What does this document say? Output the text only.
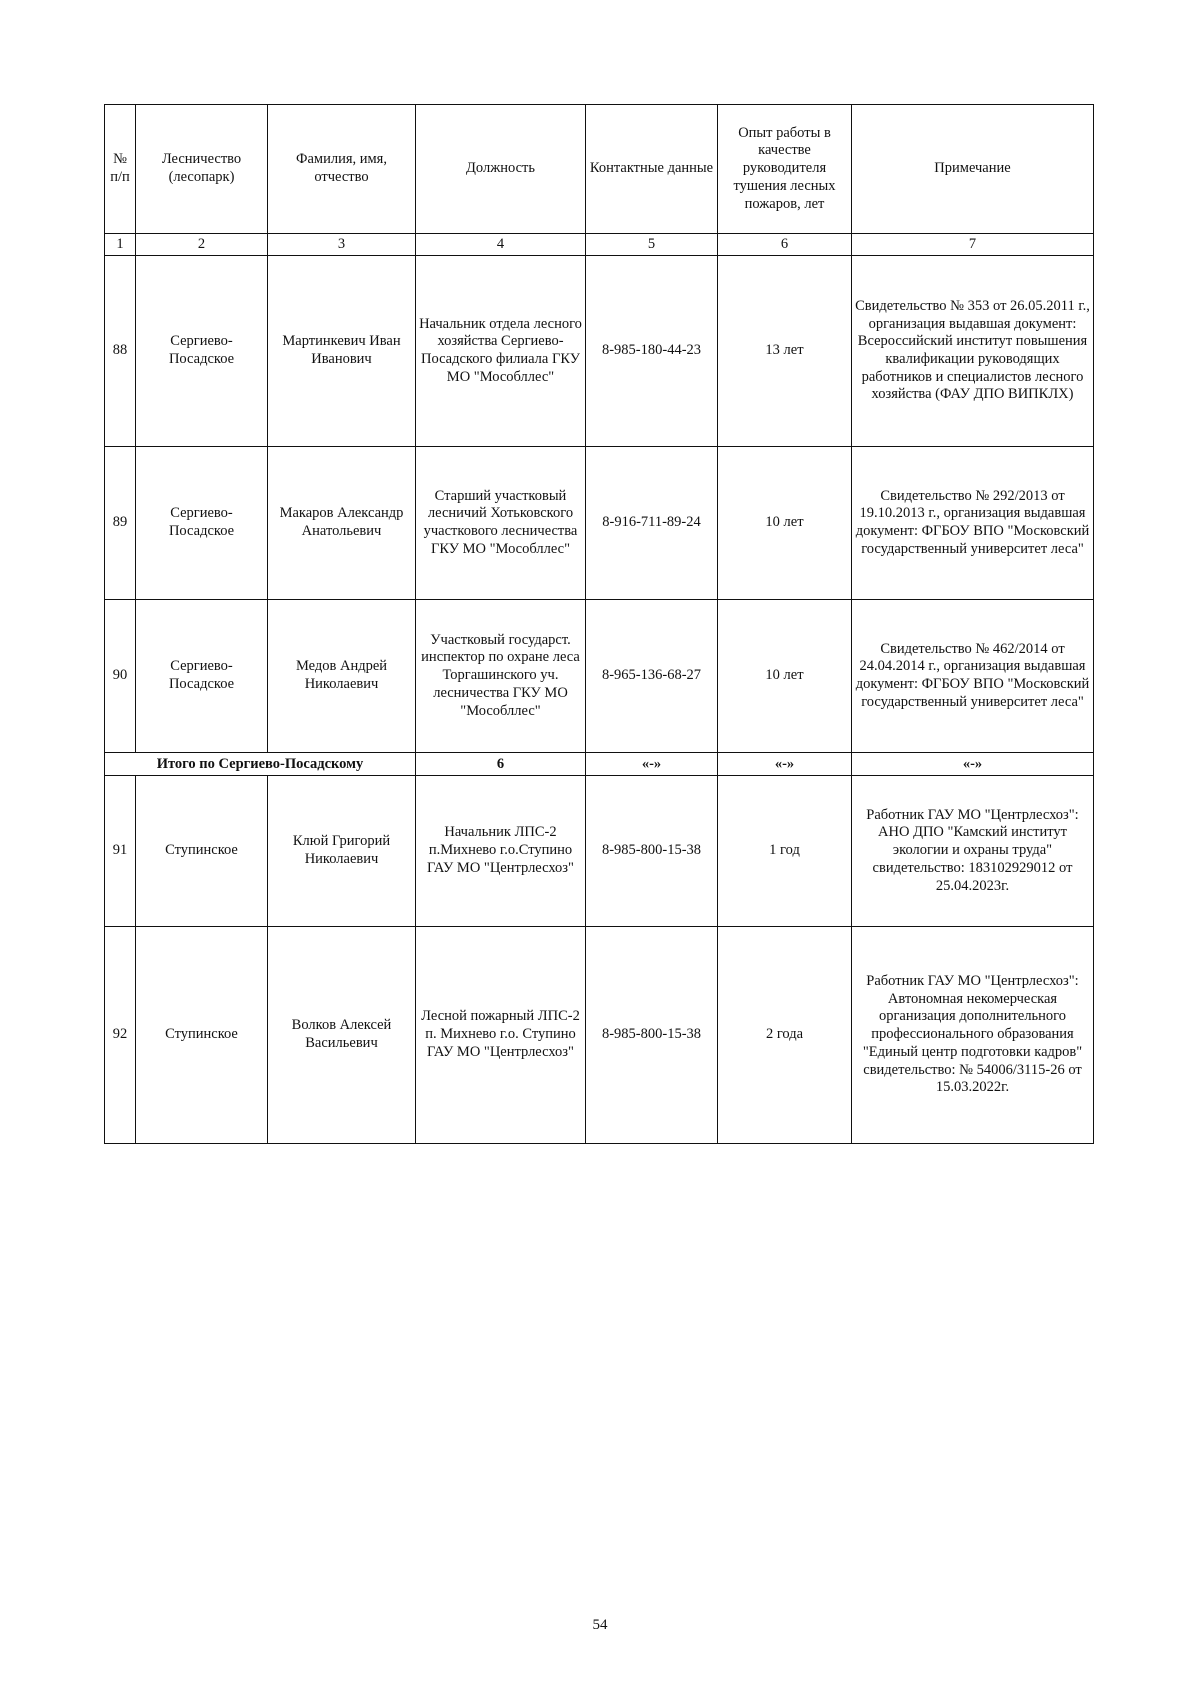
№ п/п	Лесничество (лесопарк)	Фамилия, имя, отчество	Должность	Контактные данные	Опыт работы в качестве руководителя тушения лесных пожаров, лет	Примечание
1	2	3	4	5	6	7
88	Сергиево-Посадское	Мартинкевич Иван Иванович	Начальник отдела лесного хозяйства Сергиево-Посадского филиала ГКУ МО "Мособллес"	8-985-180-44-23	13 лет	Свидетельство № 353 от 26.05.2011 г., организация выдавшая документ: Всероссийский институт повышения квалификации руководящих работников и специалистов лесного хозяйства (ФАУ ДПО ВИПКЛХ)
89	Сергиево-Посадское	Макаров Александр Анатольевич	Старший участковый лесничий Хотьковского участкового лесничества ГКУ МО "Мособллес"	8-916-711-89-24	10 лет	Свидетельство № 292/2013 от 19.10.2013 г., организация выдавшая документ: ФГБОУ ВПО "Московский государственный университет леса"
90	Сергиево-Посадское	Медов Андрей Николаевич	Участковый государст. инспектор по охране леса Торгашинского уч. лесничества ГКУ МО "Мособллес"	8-965-136-68-27	10 лет	Свидетельство № 462/2014 от 24.04.2014 г., организация выдавшая документ: ФГБОУ ВПО "Московский государственный университет леса"
Итого по Сергиево-Посадскому			6	«-»	«-»	«-»
91	Ступинское	Клюй Григорий Николаевич	Начальник ЛПС-2 п.Михнево г.о.Ступино ГАУ МО "Центрлесхоз"	8-985-800-15-38	1 год	Работник ГАУ МО "Центрлесхоз": АНО ДПО "Камский институт экологии и охраны труда" свидетельство: 183102929012 от 25.04.2023г.
92	Ступинское	Волков Алексей Васильевич	Лесной пожарный ЛПС-2 п. Михнево г.о. Ступино ГАУ МО "Центрлесхоз"	8-985-800-15-38	2 года	Работник ГАУ МО "Центрлесхоз": Автономная некомерческая организация дополнительного профессионального образования "Единый центр подготовки кадров" свидетельство: № 54006/3115-26 от 15.03.2022г.
54
